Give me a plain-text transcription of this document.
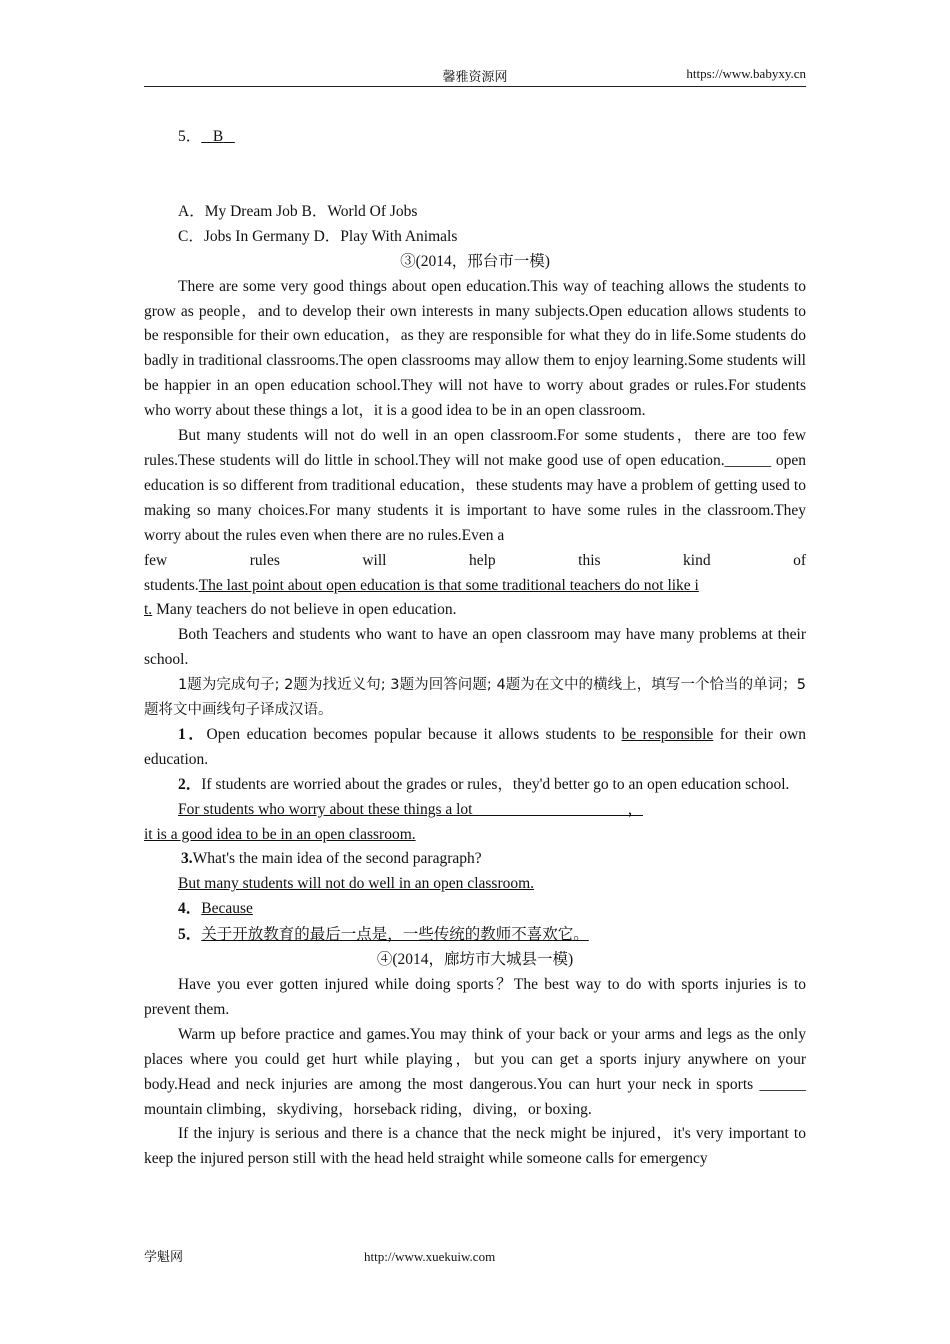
馨雅资源网	https://www.babyxy.cn

5． B

A．My Dream Job B．World Of Jobs

C．Jobs In Germany D．Play With Animals

③(2014，邢台市一模)

There are some very good things about open education.This way of teaching allows the students to grow as people，and to develop their own interests in many subjects.Open education allows students to be responsible for their own education，as they are responsible for what they do in life.Some students do badly in traditional classrooms.The open classrooms may allow them to enjoy learning.Some students will be happier in an open education school.They will not have to worry about grades or rules.For students who worry about these things a lot，it is a good idea to be in an open classroom.

But many students will not do well in an open classroom.For some students，there are too few rules.These students will do little in school.They will not make good use of open education.______ open education is so different from traditional education，these students may have a problem of getting used to making so many choices.For many students it is important to have some rules in the classroom.They worry about the rules even when there are no rules.Even a

few rules will help this kind of

students.The last point about open education is that some traditional teachers do not like i

t. Many teachers do not believe in open education.

Both Teachers and students who want to have an open classroom may have many problems at their school.

1题为完成句子; 2题为找近义句; 3题为回答问题; 4题为在文中的横线上，填写一个恰当的单词；5题将文中画线句子译成汉语。

1．Open education becomes popular because it allows students to be responsible for their own education.

2．If students are worried about the grades or rules，they'd better go to an open education school.

For students who worry about these things a lot                                        ，

it is a good idea to be in an open classroom.

3.What's the main idea of the second paragraph?

But many students will not do well in an open classroom.

4．Because

5．关于开放教育的最后一点是，一些传统的教师不喜欢它。

④(2014，廊坊市大城县一模)

Have you ever gotten injured while doing sports？The best way to do with sports injuries is to prevent them.

Warm up before practice and games.You may think of your back or your arms and legs as the only places where you could get hurt while playing，but you can get a sports injury anywhere on your body.Head and neck injuries are among the most dangerous.You can hurt your neck in sports ______ mountain climbing，skydiving，horseback riding，diving，or boxing.

If the injury is serious and there is a chance that the neck might be injured，it's very important to keep the injured person still with the head held straight while someone calls for emergency

学魁网	http://www.xuekuiw.com
